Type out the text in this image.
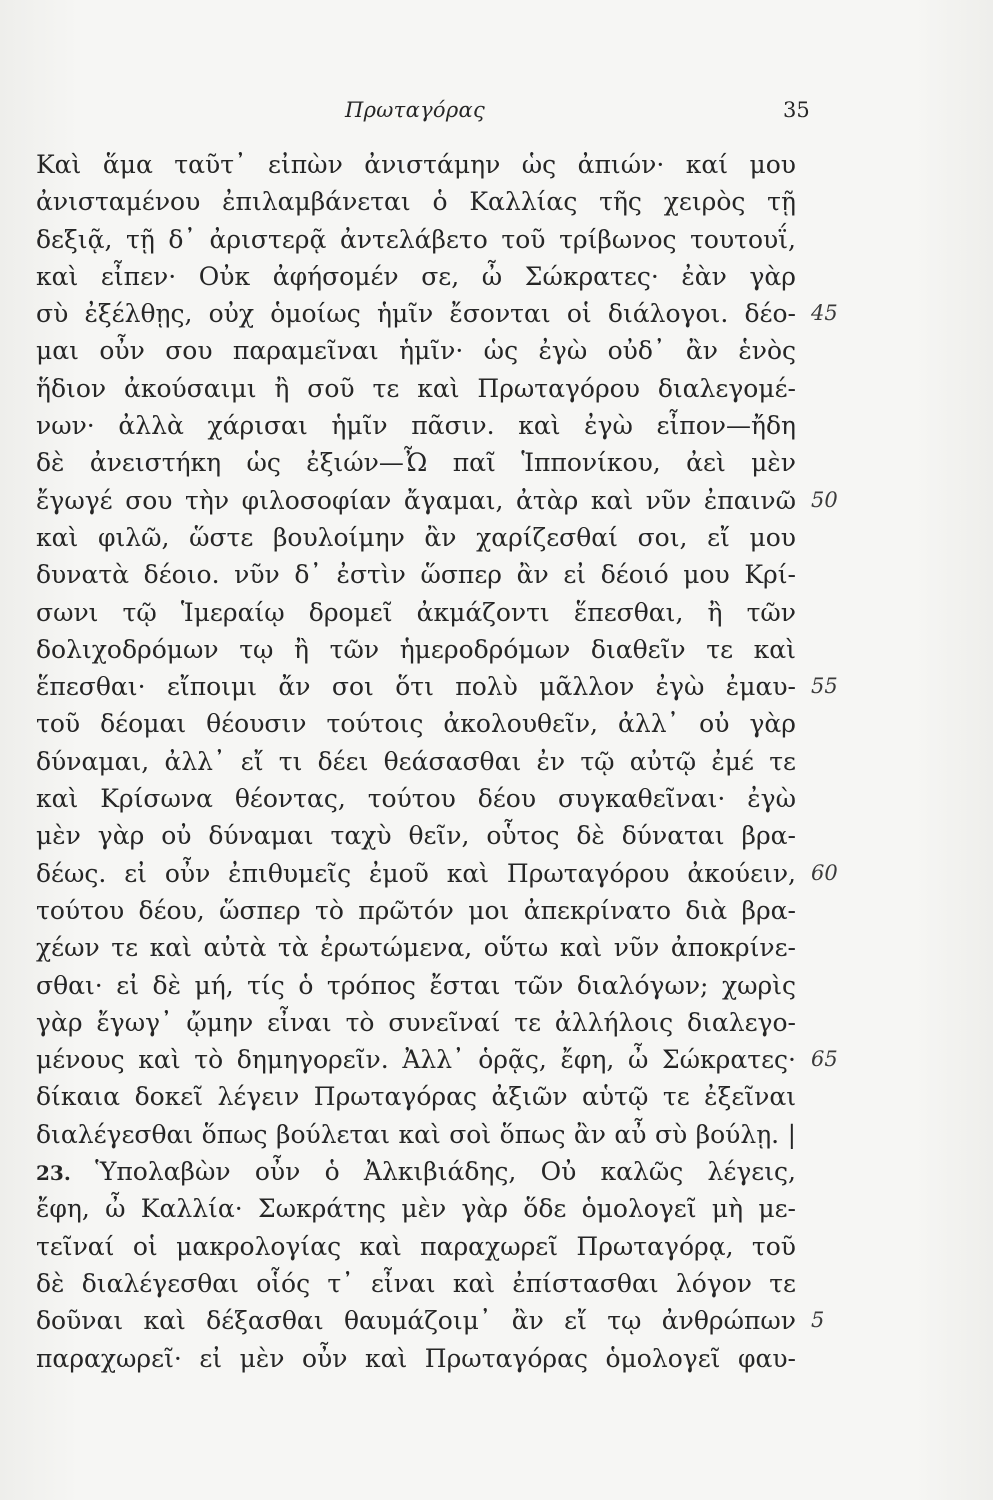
Πρωταγόρας	35
Καὶ ἅμα ταῦτ᾽ εἰπὼν ἀνιστάμην ὡς ἀπιών· καί μου
ἀνισταμένου ἐπιλαμβάνεται ὁ Καλλίας τῆς χειρὸς τῇ
δεξιᾷ, τῇ δ᾽ ἀριστερᾷ ἀντελάβετο τοῦ τρίβωνος τουτουΐ,
καὶ εἶπεν· Οὐκ ἀφήσομέν σε, ὦ Σώκρατες· ἐὰν γὰρ
σὺ ἐξέλθῃς, οὐχ ὁμοίως ἡμῖν ἔσονται οἱ διάλογοι. δέο- 45
μαι οὖν σου παραμεῖναι ἡμῖν· ὡς ἐγὼ οὐδ᾽ ἂν ἑνὸς
ἥδιον ἀκούσαιμι ἢ σοῦ τε καὶ Πρωταγόρου διαλεγομέ-
νων· ἀλλὰ χάρισαι ἡμῖν πᾶσιν. καὶ ἐγὼ εἶπον—ἤδη
δὲ ἀνειστήκη ὡς ἐξιών—Ὦ παῖ Ἱππονίκου, ἀεὶ μὲν
ἔγωγέ σου τὴν φιλοσοφίαν ἄγαμαι, ἀτὰρ καὶ νῦν ἐπαινῶ 50
καὶ φιλῶ, ὥστε βουλοίμην ἂν χαρίζεσθαί σοι, εἴ μου
δυνατὰ δέοιο. νῦν δ᾽ ἐστὶν ὥσπερ ἂν εἰ δέοιό μου Κρί-
σωνι τῷ Ἱμεραίῳ δρομεῖ ἀκμάζοντι ἕπεσθαι, ἢ τῶν
δολιχοδρόμων τῳ ἢ τῶν ἡμεροδρόμων διαθεῖν τε καὶ
ἕπεσθαι· εἴποιμι ἄν σοι ὅτι πολὺ μᾶλλον ἐγὼ ἐμαυ- 55
τοῦ δέομαι θέουσιν τούτοις ἀκολουθεῖν, ἀλλ᾽ οὐ γὰρ
δύναμαι, ἀλλ᾽ εἴ τι δέει θεάσασθαι ἐν τῷ αὐτῷ ἐμέ τε
καὶ Κρίσωνα θέοντας, τούτου δέου συγκαθεῖναι· ἐγὼ
μὲν γὰρ οὐ δύναμαι ταχὺ θεῖν, οὗτος δὲ δύναται βρα-
δέως. εἰ οὖν ἐπιθυμεῖς ἐμοῦ καὶ Πρωταγόρου ἀκούειν, 60
τούτου δέου, ὥσπερ τὸ πρῶτόν μοι ἀπεκρίνατο διὰ βρα-
χέων τε καὶ αὐτὰ τὰ ἐρωτώμενα, οὕτω καὶ νῦν ἀποκρίνε-
σθαι· εἰ δὲ μή, τίς ὁ τρόπος ἔσται τῶν διαλόγων; χωρὶς
γὰρ ἔγωγ᾽ ᾤμην εἶναι τὸ συνεῖναί τε ἀλλήλοις διαλεγο-
μένους καὶ τὸ δημηγορεῖν. Ἀλλ᾽ ὁρᾷς, ἔφη, ὦ Σώκρατες· 65
δίκαια δοκεῖ λέγειν Πρωταγόρας ἀξιῶν αὑτῷ τε ἐξεῖναι
διαλέγεσθαι ὅπως βούλεται καὶ σοὶ ὅπως ἂν αὖ σὺ βούλῃ. |
23. Ὑπολαβὼν οὖν ὁ Ἀλκιβιάδης, Οὐ καλῶς λέγεις,
ἔφη, ὦ Καλλία· Σωκράτης μὲν γὰρ ὅδε ὁμολογεῖ μὴ με-
τεῖναί οἱ μακρολογίας καὶ παραχωρεῖ Πρωταγόρᾳ, τοῦ
δὲ διαλέγεσθαι οἷός τ᾽ εἶναι καὶ ἐπίστασθαι λόγον τε
δοῦναι καὶ δέξασθαι θαυμάζοιμ᾽ ἂν εἴ τῳ ἀνθρώπων 5
παραχωρεῖ· εἰ μὲν οὖν καὶ Πρωταγόρας ὁμολογεῖ φαυ-
